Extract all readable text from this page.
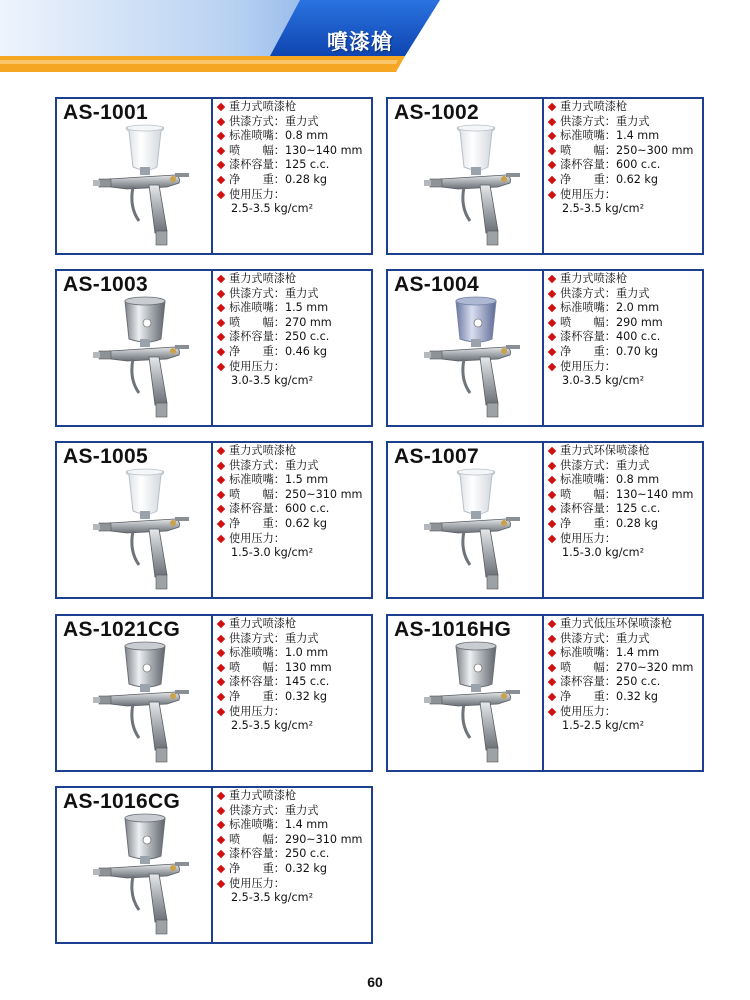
噴漆槍
AS-1001	重力式喷漆枪
供漆方式：重力式
标准喷嘴：0.8 mm
喷　　幅：130~140 mm
漆杯容量：125 c.c.
净　　重：0.28 kg
使用压力：
2.5-3.5 kg/cm²
AS-1002	重力式喷漆枪
供漆方式：重力式
标准喷嘴：1.4 mm
喷　　幅：250~300 mm
漆杯容量：600 c.c.
净　　重：0.62 kg
使用压力：
2.5-3.5 kg/cm²
AS-1003	重力式喷漆枪
供漆方式：重力式
标准喷嘴：1.5 mm
喷　　幅：270 mm
漆杯容量：250 c.c.
净　　重：0.46 kg
使用压力：
3.0-3.5 kg/cm²
AS-1004	重力式喷漆枪
供漆方式：重力式
标准喷嘴：2.0 mm
喷　　幅：290 mm
漆杯容量：400 c.c.
净　　重：0.70 kg
使用压力：
3.0-3.5 kg/cm²
AS-1005	重力式喷漆枪
供漆方式：重力式
标准喷嘴：1.5 mm
喷　　幅：250~310 mm
漆杯容量：600 c.c.
净　　重：0.62 kg
使用压力：
1.5-3.0 kg/cm²
AS-1007	重力式环保喷漆枪
供漆方式：重力式
标准喷嘴：0.8 mm
喷　　幅：130~140 mm
漆杯容量：125 c.c.
净　　重：0.28 kg
使用压力：
1.5-3.0 kg/cm²
AS-1021CG	重力式喷漆枪
供漆方式：重力式
标准喷嘴：1.0 mm
喷　　幅：130 mm
漆杯容量：145 c.c.
净　　重：0.32 kg
使用压力：
2.5-3.5 kg/cm²
AS-1016HG	重力式低压环保喷漆枪
供漆方式：重力式
标准喷嘴：1.4 mm
喷　　幅：270~320 mm
漆杯容量：250 c.c.
净　　重：0.32 kg
使用压力：
1.5-2.5 kg/cm²
AS-1016CG	重力式喷漆枪
供漆方式：重力式
标准喷嘴：1.4 mm
喷　　幅：290~310 mm
漆杯容量：250 c.c.
净　　重：0.32 kg
使用压力：
2.5-3.5 kg/cm²
60
